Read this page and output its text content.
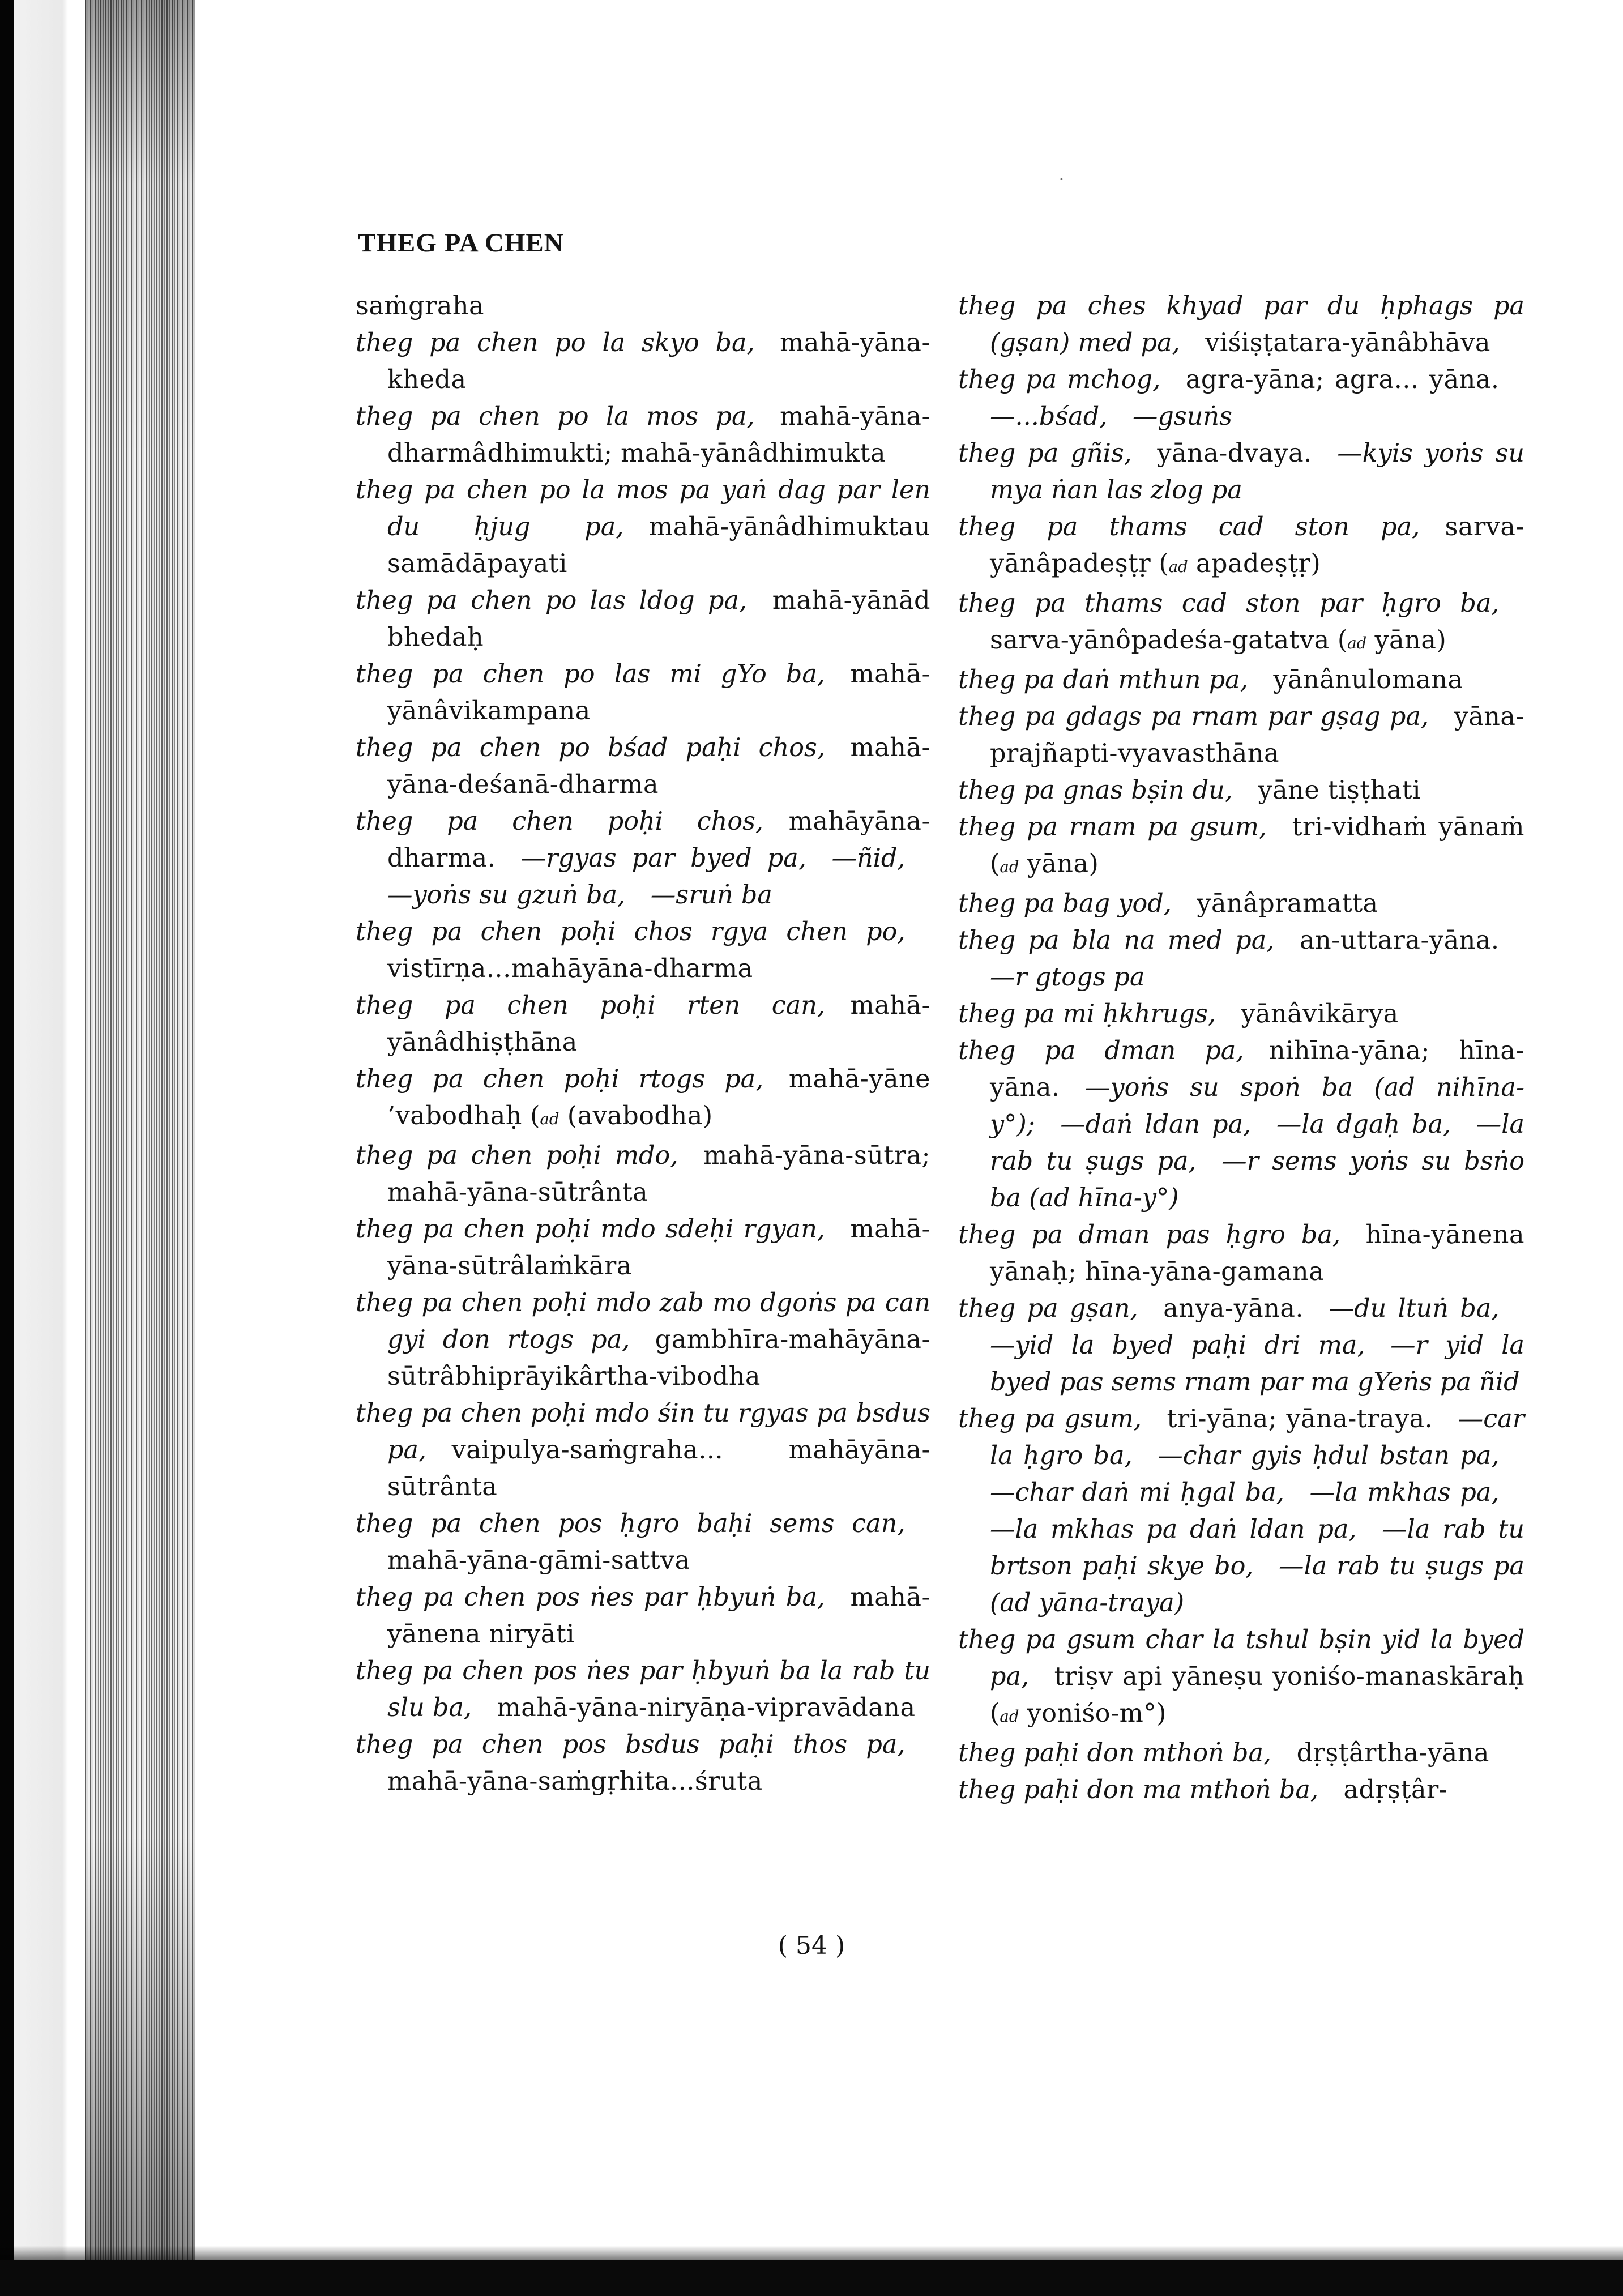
THEG PA CHEN

saṁgraha

theg pa chen po la skyo ba,  mahā-yāna-kheda

theg pa chen po la mos pa,  mahā-yāna-dharmâdhimukti; mahā-yānâdhimukta

theg pa chen po la mos pa yaṅ dag par len du ḥjug pa,  mahā-yānâdhimuktau samādāpayati

theg pa chen po las ldog pa,  mahā-yānād bhedaḥ

theg pa chen po las mi gYo ba,  mahā-yānâvikampana

theg pa chen po bśad paḥi chos,  mahā-yāna-deśanā-dharma

theg pa chen poḥi chos,  mahāyāna-dharma.  —rgyas par byed pa,  —ñid, —yoṅs su gzuṅ ba,  —sruṅ ba

theg pa chen poḥi chos rgya chen po, vistīrṇa...mahāyāna-dharma

theg pa chen poḥi rten can,  mahā-yānâdhiṣṭhāna

theg pa chen poḥi rtogs pa,  mahā-yāne ’vabodhaḥ (ad (avabodha)

theg pa chen poḥi mdo,  mahā-yāna-sūtra; mahā-yāna-sūtrânta

theg pa chen poḥi mdo sdeḥi rgyan,  mahā-yāna-sūtrâlaṁkāra

theg pa chen poḥi mdo zab mo dgoṅs pa can gyi don rtogs pa,  gambhīra-mahāyāna-sūtrâbhiprāyikârtha-vibodha

theg pa chen poḥi mdo śin tu rgyas pa bsdus pa,  vaipulya-saṁgraha... mahāyāna-sūtrânta

theg pa chen pos ḥgro baḥi sems can, mahā-yāna-gāmi-sattva

theg pa chen pos ṅes par ḥbyuṅ ba,  mahā-yānena niryāti

theg pa chen pos ṅes par ḥbyuṅ ba la rab tu slu ba,  mahā-yāna-niryāṇa-vipravādana

theg pa chen pos bsdus paḥi thos pa, mahā-yāna-saṁgṛhita...śruta

theg pa ches khyad par du ḥphags pa (gṣan) med pa,  viśiṣṭatara-yānâbhāva

theg pa mchog,  agra-yāna; agra... yāna. —...bśad,  —gsuṅs

theg pa gñis,  yāna-dvaya.  —kyis yoṅs su mya ṅan las zlog pa

theg pa thams cad ston pa,  sarva-yānâpadeṣṭṛ (ad apadeṣṭṛ)

theg pa thams cad ston par ḥgro ba, sarva-yānôpadeśa-gatatva (ad yāna)

theg pa daṅ mthun pa,  yānânulomana

theg pa gdags pa rnam par gṣag pa,  yāna-prajñapti-vyavasthāna

theg pa gnas bṣin du,  yāne tiṣṭhati

theg pa rnam pa gsum,  tri-vidhaṁ yānaṁ (ad yāna)

theg pa bag yod,  yānâpramatta

theg pa bla na med pa,  an-uttara-yāna. —r gtogs pa

theg pa mi ḥkhrugs,  yānâvikārya

theg pa dman pa,  nihīna-yāna; hīna-yāna.  —yoṅs su spoṅ ba (ad nihīna-y°);  —daṅ ldan pa,  —la dgaḥ ba,  —la rab tu ṣugs pa,  —r sems yoṅs su bsṅo ba (ad hīna-y°)

theg pa dman pas ḥgro ba,  hīna-yānena yānaḥ; hīna-yāna-gamana

theg pa gṣan,  anya-yāna.  —du ltuṅ ba, —yid la byed paḥi dri ma,  —r yid la byed pas sems rnam par ma gYeṅs pa ñid

theg pa gsum,  tri-yāna; yāna-traya.  —car la ḥgro ba,  —char gyis ḥdul bstan pa, —char daṅ mi ḥgal ba,  —la mkhas pa, —la mkhas pa daṅ ldan pa,  —la rab tu brtson paḥi skye bo,  —la rab tu ṣugs pa (ad yāna-traya)

theg pa gsum char la tshul bṣin yid la byed pa,  triṣv api yāneṣu yoniśo-manaskāraḥ (ad yoniśo-m°)

theg paḥi don mthoṅ ba,  dṛṣṭârtha-yāna

theg paḥi don ma mthoṅ ba,  adṛṣṭâr-

( 54 )

·
